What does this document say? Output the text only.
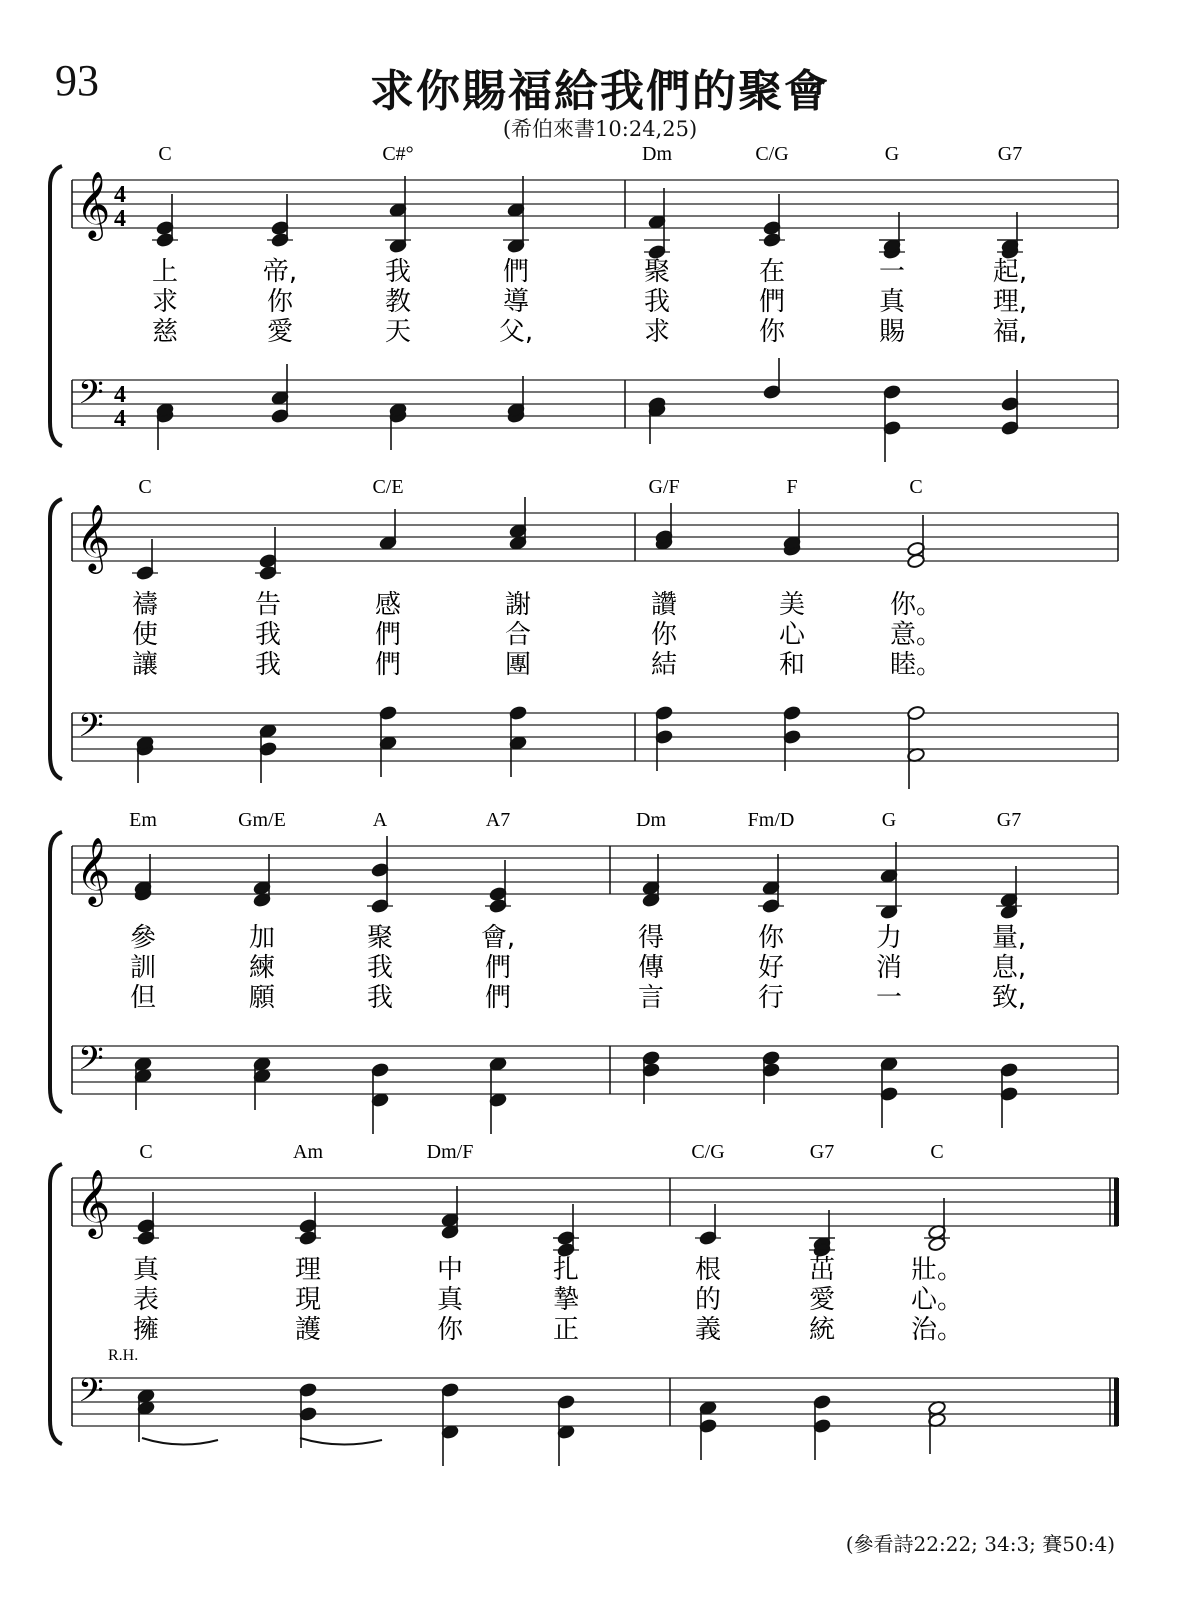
93	求你賜福給我們的聚會
(希伯來書10:24,25)
𝄞
𝄢
4
4
4
4
C	C#°	Dm	C/G	G	G7
上	帝,	我	們	聚	在	一	起,
求	你	教	導	我	們	真	理,
慈	愛	天	父,	求	你	賜	福,
𝄞
𝄢
C	C/E	G/F	F	C
禱	告	感	謝	讚	美	你。
使	我	們	合	你	心	意。
讓	我	們	團	結	和	睦。
𝄞
𝄢
Em	Gm/E	A	A7	Dm	Fm/D	G	G7
參	加	聚	會,	得	你	力	量,
訓	練	我	們	傳	好	消	息,
但	願	我	們	言	行	一	致,
𝄞
𝄢
C	Am	Dm/F	C/G	G7	C
真	理	中	扎	根	茁	壯。
表	現	真	摯	的	愛	心。
擁	護	你	正	義	統	治。
R.H.
(參看詩22:22; 34:3; 賽50:4)
